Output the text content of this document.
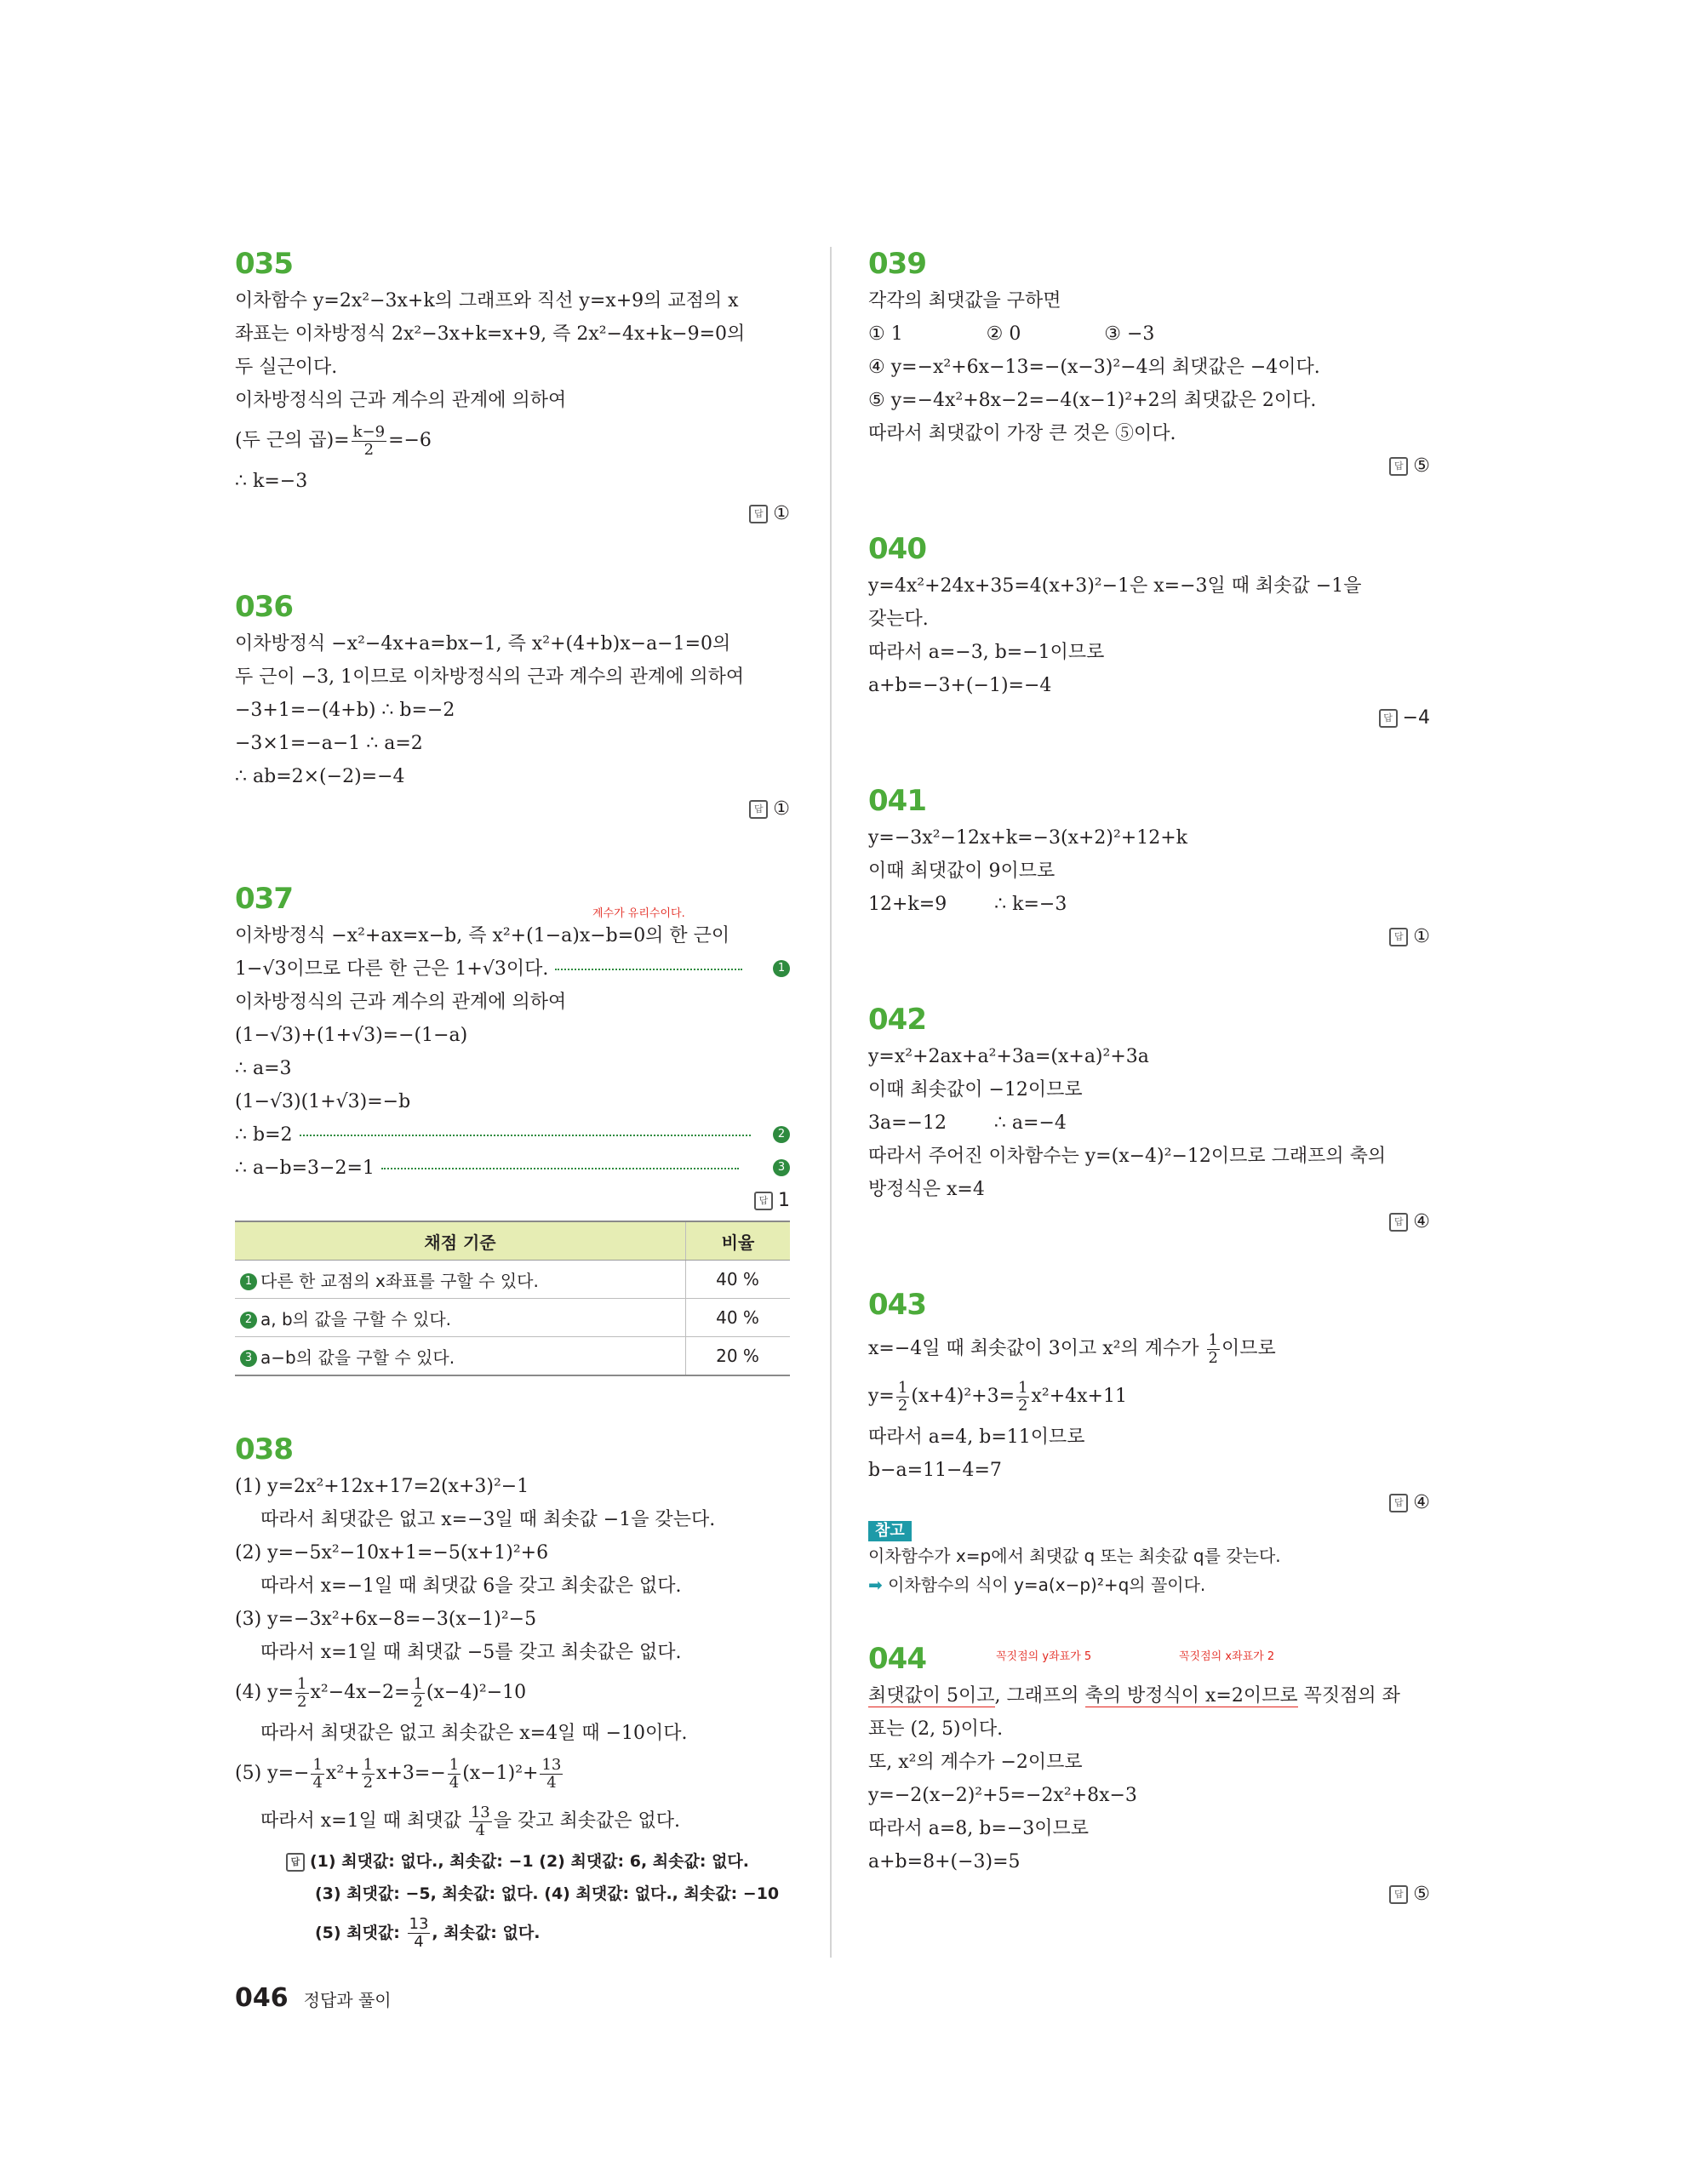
035
이차함수 y=2x²−3x+k의 그래프와 직선 y=x+9의 교점의 x
좌표는 이차방정식 2x²−3x+k=x+9, 즉 2x²−4x+k−9=0의
두 실근이다.
이차방정식의 근과 계수의 관계에 의하여
(두 근의 곱)= $\frac{k-9}{2} =-6$
∴ k=−3
답 ①
036
이차방정식 −x²−4x+a=bx−1, 즉 x²+(4+b)x−a−1=0의
두 근이 −3, 1이므로 이차방정식의 근과 계수의 관계에 의하여
−3+1=−(4+b) ∴ b=−2
−3×1=−a−1 ∴ a=2
∴ ab=2×(−2)=−4
답 ①
037	계수가 유리수이다.
이차방정식 −x²+ax=x−b, 즉 x²+(1−a)x−b=0의 한 근이
1−√3이므로 다른 한 근은 1+√3이다.	1
이차방정식의 근과 계수의 관계에 의하여
(1−√3)+(1+√3)=−(1−a)
∴ a=3
(1−√3)(1+√3)=−b
∴ b=2	2
∴ a−b=3−2=1	3
답 1
채점 기준	비율
1 다른 한 교점의 x좌표를 구할 수 있다.	40 %
2 a, b의 값을 구할 수 있다.	40 %
3 a−b의 값을 구할 수 있다.	20 %
038
(1) y=2x²+12x+17=2(x+3)²−1
따라서 최댓값은 없고 x=−3일 때 최솟값 −1을 갖는다.
(2) y=−5x²−10x+1=−5(x+1)²+6
따라서 x=−1일 때 최댓값 6을 갖고 최솟값은 없다.
(3) y=−3x²+6x−8=−3(x−1)²−5
따라서 x=1일 때 최댓값 −5를 갖고 최솟값은 없다.
(4) $y= \frac{1}{2} x^2-4x-2= \frac{1}{2} (x-4)^2-10$
따라서 최댓값은 없고 최솟값은 x=4일 때 −10이다.
(5) $y=- \frac{1}{4} x^2+ \frac{1}{2} x+3=- \frac{1}{4} (x-1)^2+ \frac{13}{4}$
따라서 x=1일 때 최댓값 $\frac{13}{4}$ 을 갖고 최솟값은 없다.
답 (1) 최댓값: 없다., 최솟값: −1 (2) 최댓값: 6, 최솟값: 없다.
(3) 최댓값: −5, 최솟값: 없다. (4) 최댓값: 없다., 최솟값: −10
(5) 최댓값: $\frac{13}{4}$ , 최솟값: 없다.
039
각각의 최댓값을 구하면
① 1              ② 0              ③ −3
④ y=−x²+6x−13=−(x−3)²−4의 최댓값은 −4이다.
⑤ y=−4x²+8x−2=−4(x−1)²+2의 최댓값은 2이다.
따라서 최댓값이 가장 큰 것은 ⑤이다.
답 ⑤
040
y=4x²+24x+35=4(x+3)²−1은 x=−3일 때 최솟값 −1을
갖는다.
따라서 a=−3, b=−1이므로
a+b=−3+(−1)=−4
답 −4
041
y=−3x²−12x+k=−3(x+2)²+12+k
이때 최댓값이 9이므로
12+k=9        ∴ k=−3
답 ①
042
y=x²+2ax+a²+3a=(x+a)²+3a
이때 최솟값이 −12이므로
3a=−12        ∴ a=−4
따라서 주어진 이차함수는 y=(x−4)²−12이므로 그래프의 축의
방정식은 x=4
답 ④
043
x=−4일 때 최솟값이 3이고 x²의 계수가 $\frac{1}{2}$ 이므로
$y= \frac{1}{2} (x+4)^2+3= \frac{1}{2} x^2+4x+11$
따라서 a=4, b=11이므로
b−a=11−4=7
답 ④
참고
이차함수가 x=p에서 최댓값 q 또는 최솟값 q를 갖는다.
➡ 이차함수의 식이 y=a(x−p)²+q의 꼴이다.
044	꼭짓점의 y좌표가 5	꼭짓점의 x좌표가 2
최댓값이 5이고, 그래프의 축의 방정식이 x=2이므로 꼭짓점의 좌
표는 (2, 5)이다.
또, x²의 계수가 −2이므로
y=−2(x−2)²+5=−2x²+8x−3
따라서 a=8, b=−3이므로
a+b=8+(−3)=5
답 ⑤
046 정답과 풀이
